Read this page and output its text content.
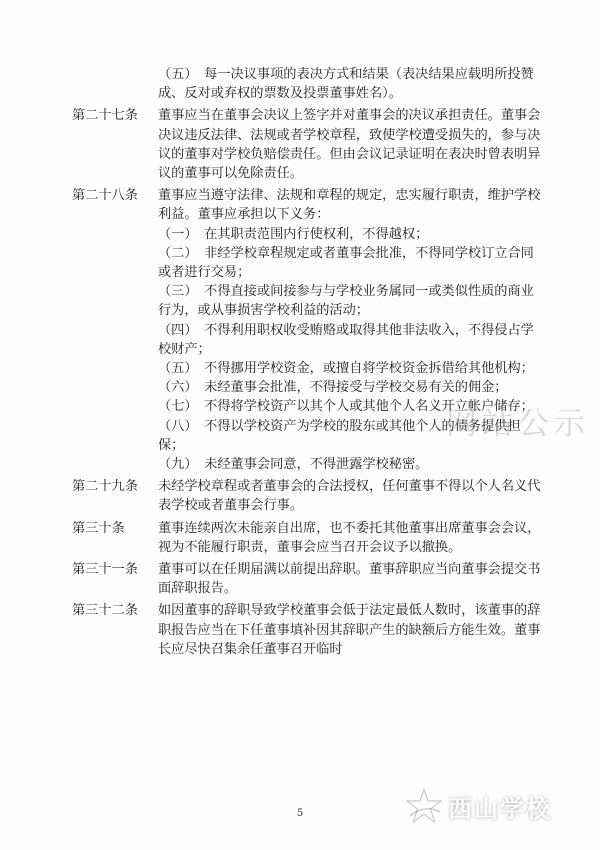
（五）　每一决议事项的表决方式和结果（表决结果应载明所投赞成、反对或弃权的票数及投票董事姓名）。
第二十七条	董事应当在董事会决议上签字并对董事会的决议承担责任。董事会决议违反法律、法规或者学校章程，致使学校遭受损失的，参与决议的董事对学校负赔偿责任。但由会议记录证明在表决时曾表明异议的董事可以免除责任。
第二十八条	董事应当遵守法律、法规和章程的规定，忠实履行职责，维护学校利益。董事应承担以下义务：
（一）　在其职责范围内行使权利，不得越权；
（二）　非经学校章程规定或者董事会批准，不得同学校订立合同或者进行交易；
（三）　不得直接或间接参与与学校业务属同一或类似性质的商业行为，或从事损害学校利益的活动；
（四）　不得利用职权收受贿赂或取得其他非法收入，不得侵占学校财产；
（五）　不得挪用学校资金，或擅自将学校资金拆借给其他机构；
（六）　未经董事会批准，不得接受与学校交易有关的佣金；
（七）　不得将学校资产以其个人或其他个人名义开立帐户储存；
（八）　不得以学校资产为学校的股东或其他个人的债务提供担保；
（九）　未经董事会同意，不得泄露学校秘密。
第二十九条	未经学校章程或者董事会的合法授权，任何董事不得以个人名义代表学校或者董事会行事。
第三十条	董事连续两次未能亲自出席，也不委托其他董事出席董事会会议，视为不能履行职责，董事会应当召开会议予以撤换。
第三十一条	董事可以在任期届满以前提出辞职。董事辞职应当向董事会提交书面辞职报告。
第三十二条	如因董事的辞职导致学校董事会低于法定最低人数时，该董事的辞职报告应当在下任董事填补因其辞职产生的缺额后方能生效。董事长应尽快召集余任董事召开临时
网站公示
5	西山学校
